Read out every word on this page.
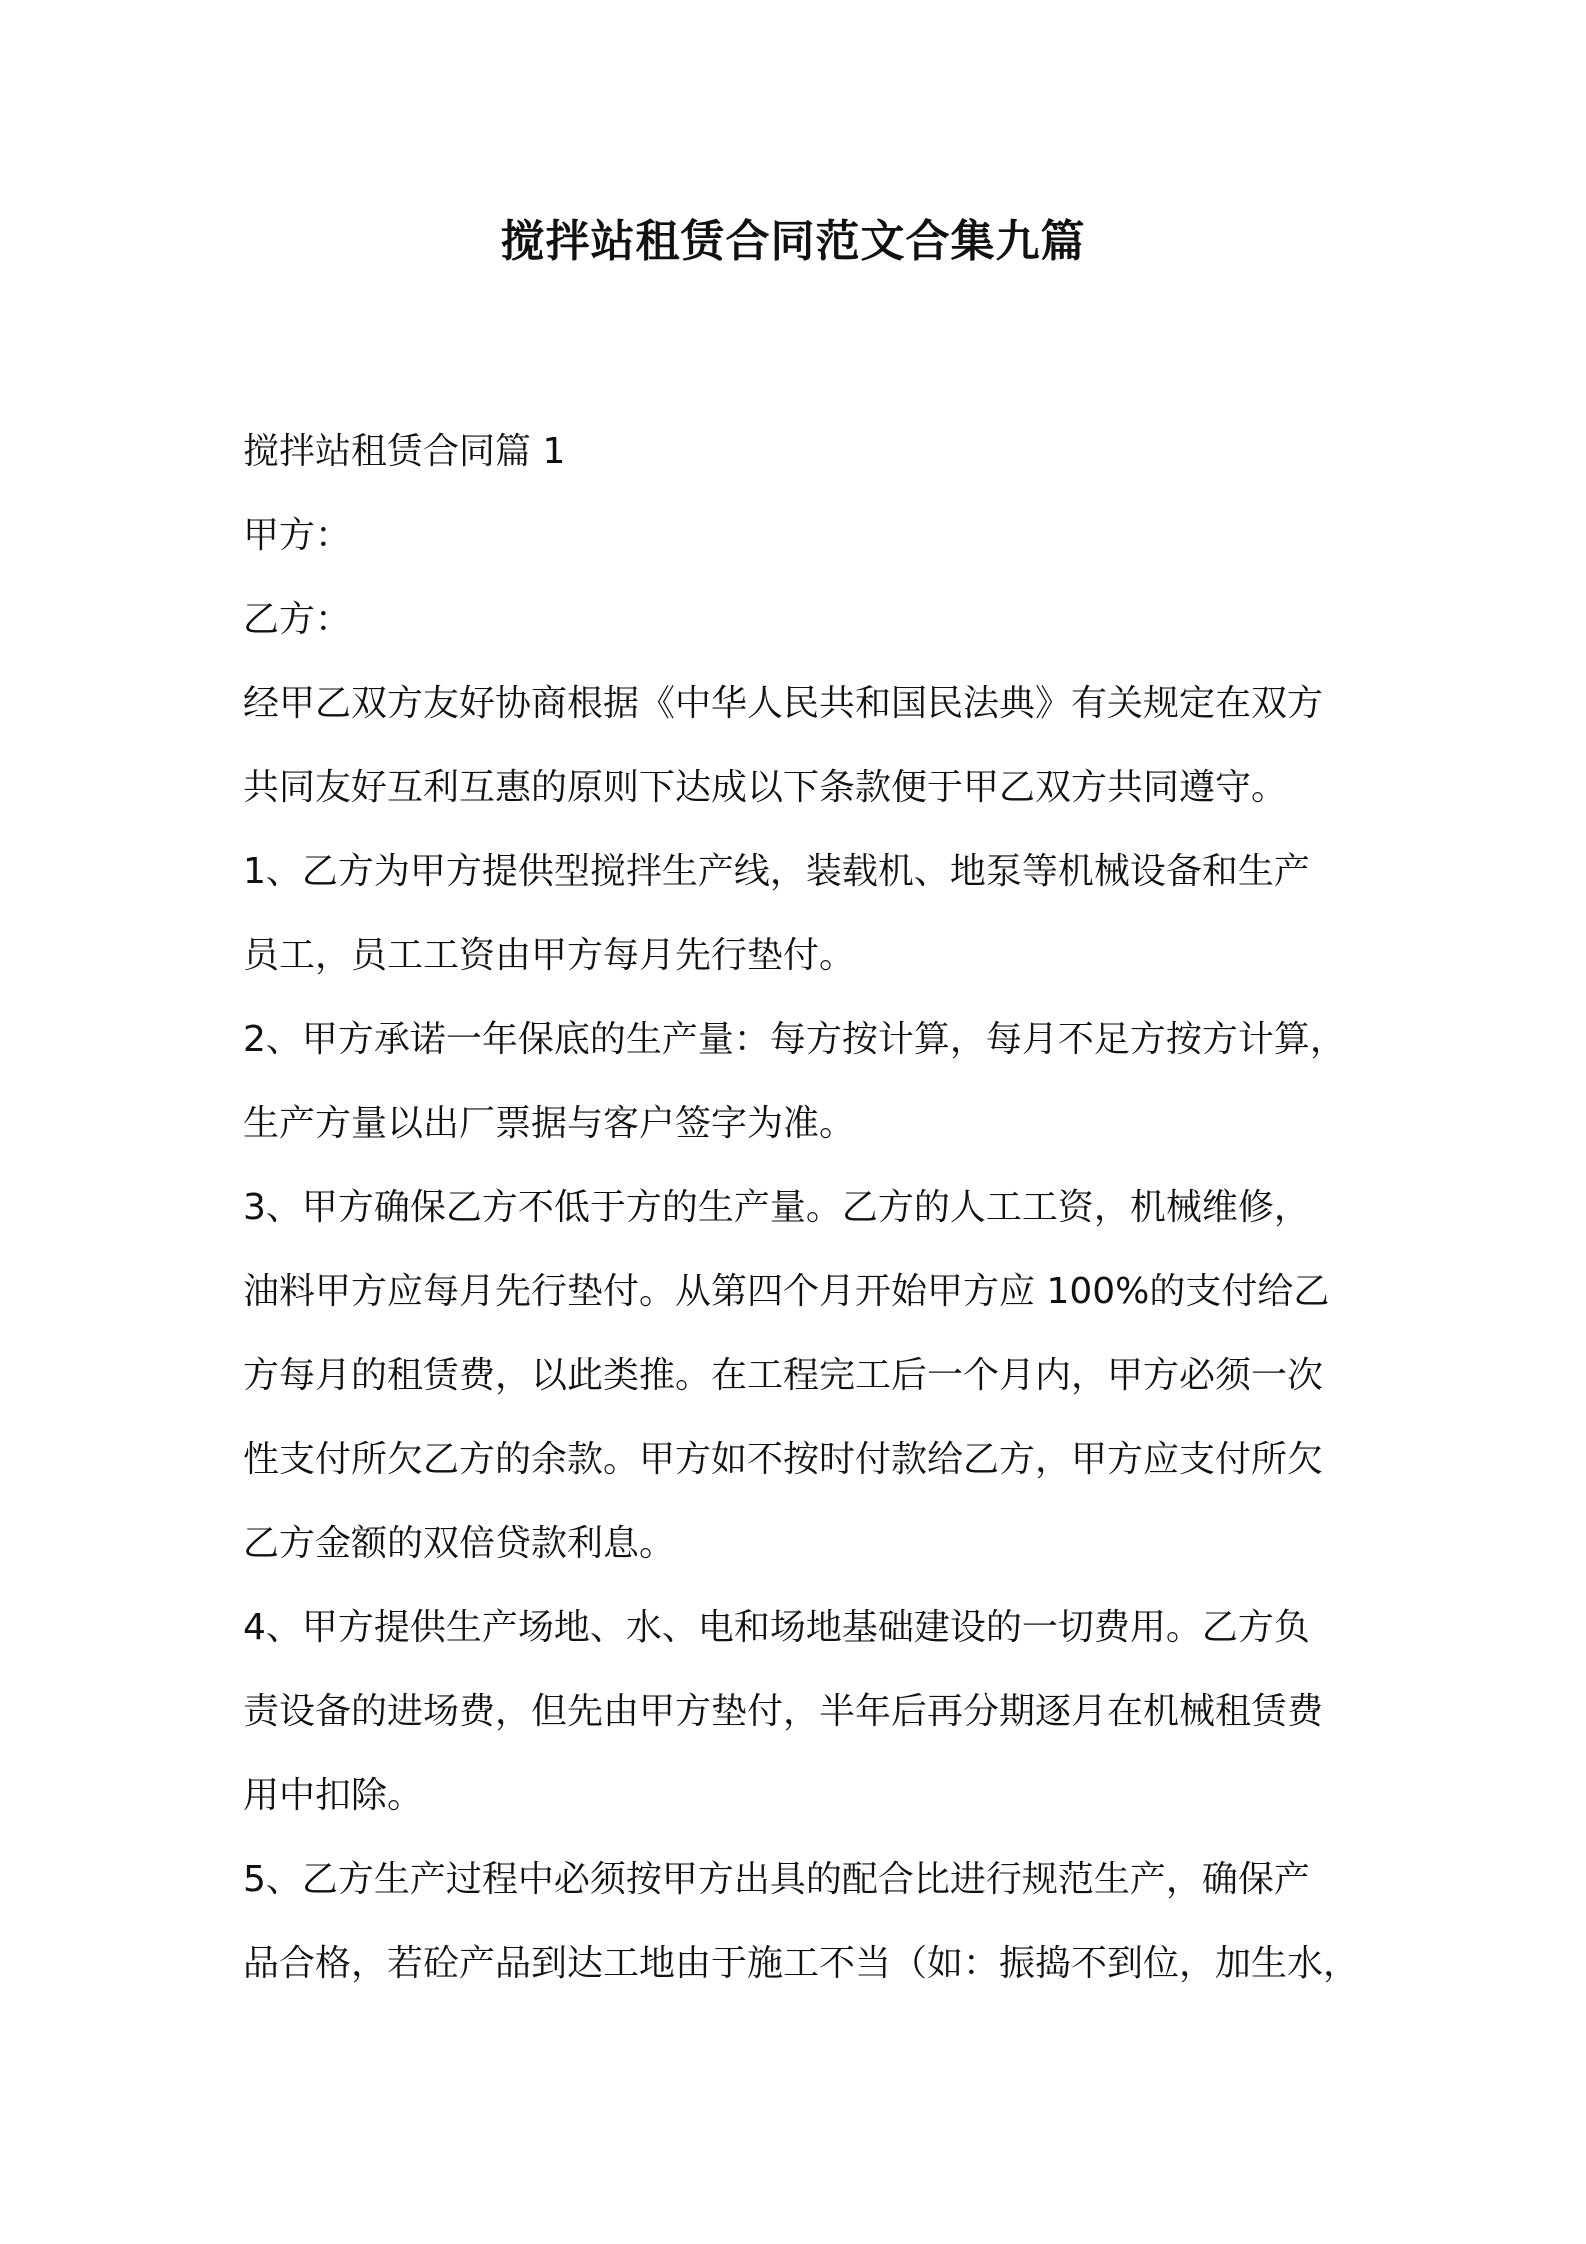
搅拌站租赁合同范文合集九篇
搅拌站租赁合同篇 1
甲方：
乙方：
经甲乙双方友好协商根据《中华人民共和国民法典》有关规定在双方
共同友好互利互惠的原则下达成以下条款便于甲乙双方共同遵守。
1、乙方为甲方提供型搅拌生产线，装载机、地泵等机械设备和生产
员工，员工工资由甲方每月先行垫付。
2、甲方承诺一年保底的生产量：每方按计算，每月不足方按方计算，
生产方量以出厂票据与客户签字为准。
3、甲方确保乙方不低于方的生产量。乙方的人工工资，机械维修，
油料甲方应每月先行垫付。从第四个月开始甲方应 100%的支付给乙
方每月的租赁费，以此类推。在工程完工后一个月内，甲方必须一次
性支付所欠乙方的余款。甲方如不按时付款给乙方，甲方应支付所欠
乙方金额的双倍贷款利息。
4、甲方提供生产场地、水、电和场地基础建设的一切费用。乙方负
责设备的进场费，但先由甲方垫付，半年后再分期逐月在机械租赁费
用中扣除。
5、乙方生产过程中必须按甲方出具的配合比进行规范生产，确保产
品合格，若砼产品到达工地由于施工不当（如：振捣不到位，加生水，
